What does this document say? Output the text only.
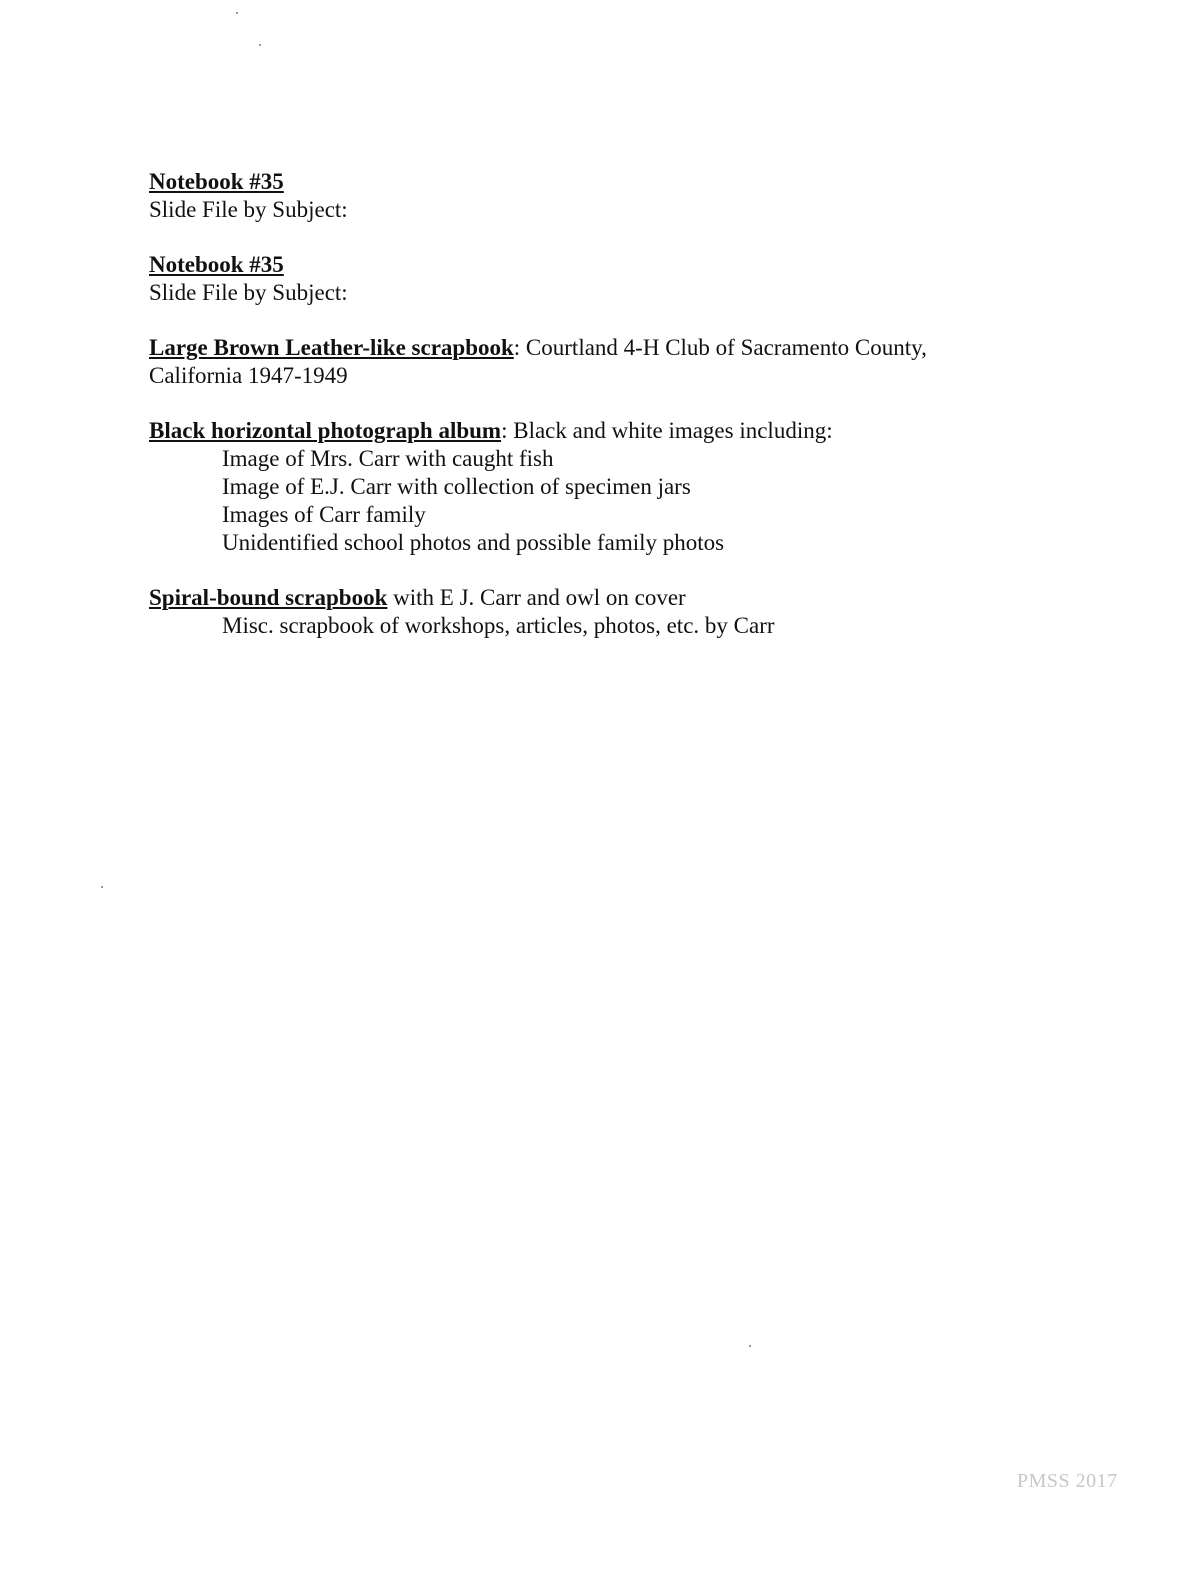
Notebook #35
Slide File by Subject:
Notebook #35
Slide File by Subject:
Large Brown Leather-like scrapbook: Courtland 4-H Club of Sacramento County,
California 1947-1949
Black horizontal photograph album: Black and white images including:
Image of Mrs. Carr with caught fish
Image of E.J. Carr with collection of specimen jars
Images of Carr family
Unidentified school photos and possible family photos
Spiral-bound scrapbook with E J. Carr and owl on cover
Misc. scrapbook of workshops, articles, photos, etc. by Carr
PMSS 2017
